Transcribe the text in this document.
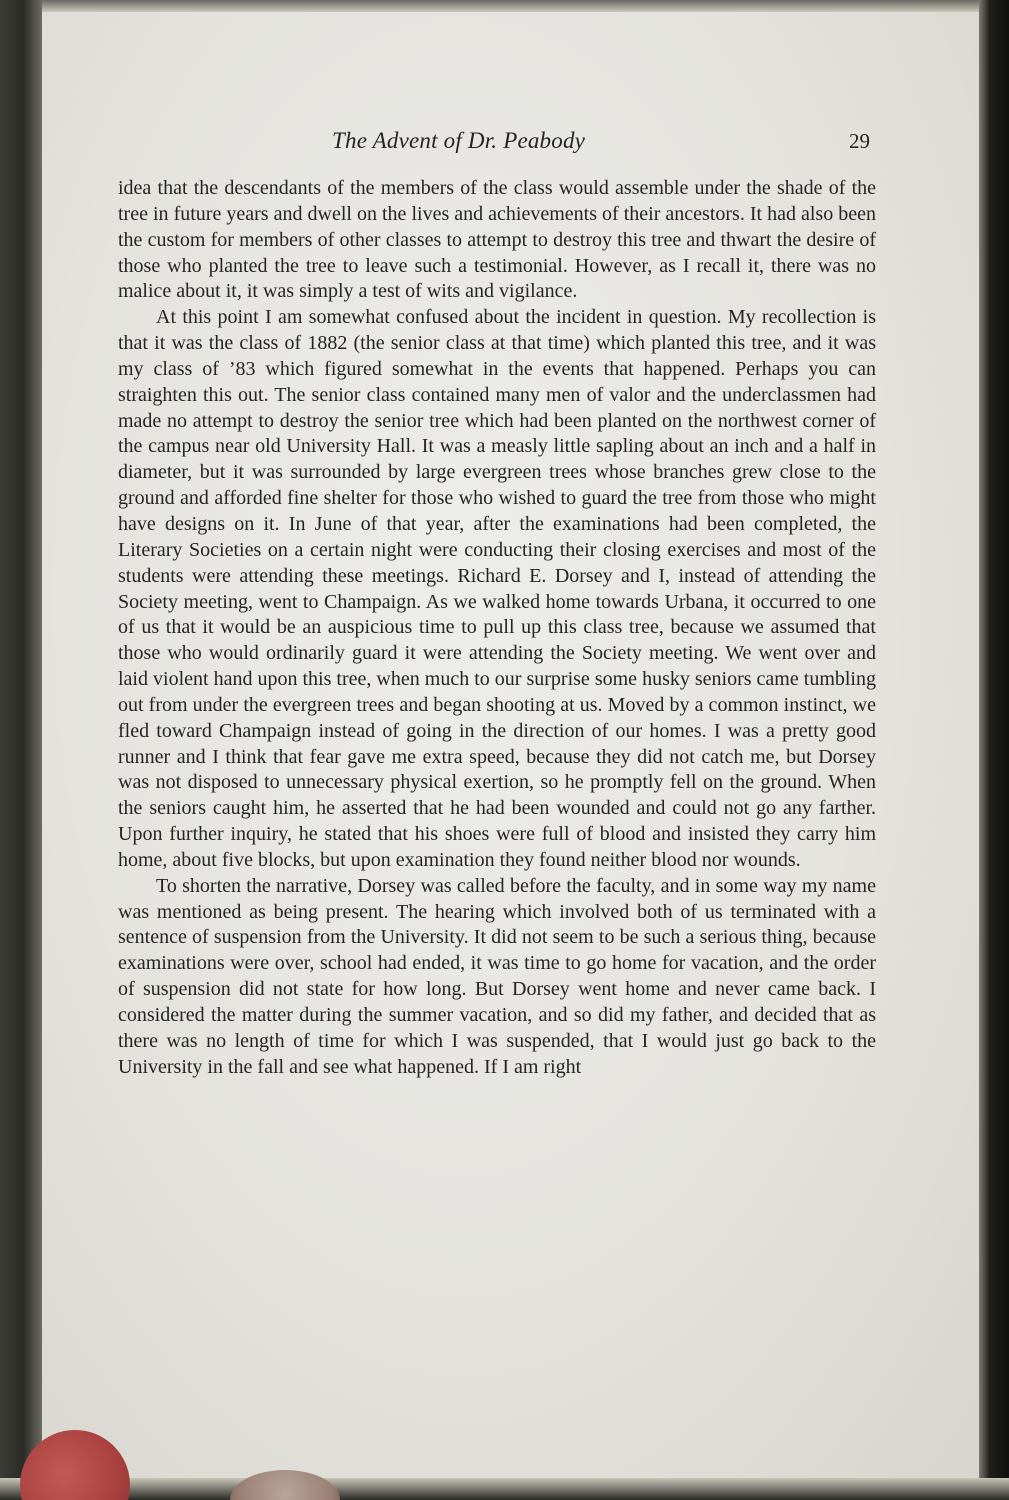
The Advent of Dr. Peabody	29

idea that the descendants of the members of the class would assemble under the shade of the tree in future years and dwell on the lives and achievements of their ancestors. It had also been the custom for members of other classes to attempt to destroy this tree and thwart the desire of those who planted the tree to leave such a testimonial. However, as I recall it, there was no malice about it, it was simply a test of wits and vigilance.

At this point I am somewhat confused about the incident in question. My recollection is that it was the class of 1882 (the senior class at that time) which planted this tree, and it was my class of ’83 which figured somewhat in the events that happened. Perhaps you can straighten this out. The senior class contained many men of valor and the underclassmen had made no attempt to destroy the senior tree which had been planted on the northwest corner of the campus near old University Hall. It was a measly little sapling about an inch and a half in diameter, but it was surrounded by large evergreen trees whose branches grew close to the ground and afforded fine shelter for those who wished to guard the tree from those who might have designs on it. In June of that year, after the examinations had been completed, the Literary Societies on a certain night were conducting their closing exercises and most of the students were attending these meetings. Richard E. Dorsey and I, instead of attending the Society meeting, went to Champaign. As we walked home towards Urbana, it occurred to one of us that it would be an auspicious time to pull up this class tree, because we assumed that those who would ordinarily guard it were attending the Society meeting. We went over and laid violent hand upon this tree, when much to our surprise some husky seniors came tumbling out from under the evergreen trees and began shooting at us. Moved by a common instinct, we fled toward Champaign instead of going in the direction of our homes. I was a pretty good runner and I think that fear gave me extra speed, because they did not catch me, but Dorsey was not disposed to unnecessary physical exertion, so he promptly fell on the ground. When the seniors caught him, he asserted that he had been wounded and could not go any farther. Upon further inquiry, he stated that his shoes were full of blood and insisted they carry him home, about five blocks, but upon examination they found neither blood nor wounds.

To shorten the narrative, Dorsey was called before the faculty, and in some way my name was mentioned as being present. The hearing which involved both of us terminated with a sentence of suspension from the University. It did not seem to be such a serious thing, because examinations were over, school had ended, it was time to go home for vacation, and the order of suspension did not state for how long. But Dorsey went home and never came back. I considered the matter during the summer vacation, and so did my father, and decided that as there was no length of time for which I was suspended, that I would just go back to the University in the fall and see what happened. If I am right
